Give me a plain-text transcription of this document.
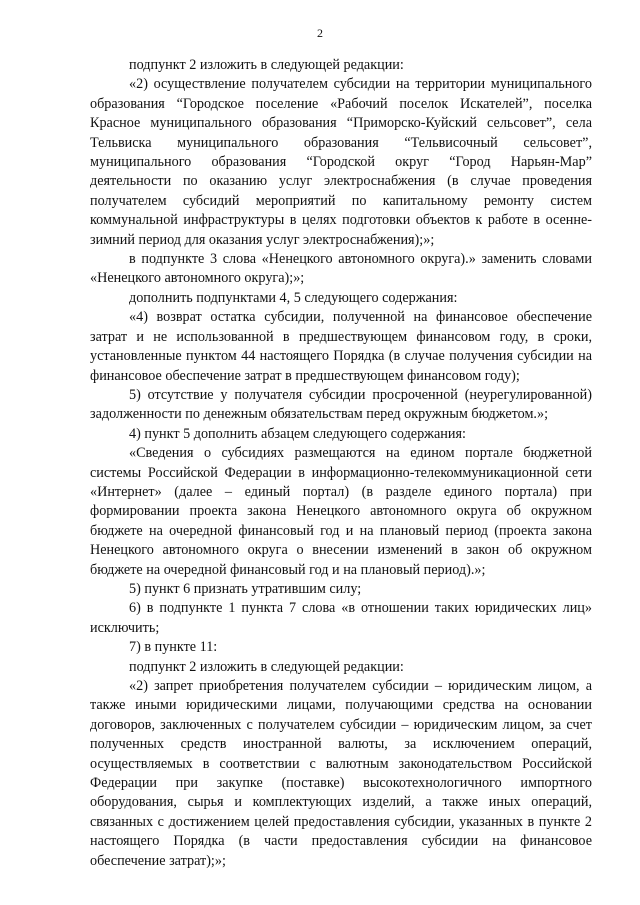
2

подпункт 2 изложить в следующей редакции:

«2) осуществление получателем субсидии на территории муниципального образования “Городское поселение «Рабочий поселок Искателей”, поселка Красное муниципального образования “Приморско-Куйский сельсовет”, села Тельвиска муниципального образования “Тельвисочный сельсовет”, муниципального образования “Городской округ “Город Нарьян-Мар” деятельности по оказанию услуг электроснабжения (в случае проведения получателем субсидий мероприятий по капитальному ремонту систем коммунальной инфраструктуры в целях подготовки объектов к работе в осенне-зимний период для оказания услуг электроснабжения);»;

в подпункте 3 слова «Ненецкого автономного округа).» заменить словами «Ненецкого автономного округа);»;

дополнить подпунктами 4, 5 следующего содержания:

«4) возврат остатка субсидии, полученной на финансовое обеспечение затрат и не использованной в предшествующем финансовом году, в сроки, установленные пунктом 44 настоящего Порядка (в случае получения субсидии на финансовое обеспечение затрат в предшествующем финансовом году);

5) отсутствие у получателя субсидии просроченной (неурегулированной) задолженности по денежным обязательствам перед окружным бюджетом.»;

4) пункт 5 дополнить абзацем следующего содержания:

«Сведения о субсидиях размещаются на едином портале бюджетной системы Российской Федерации в информационно-телекоммуникационной сети «Интернет» (далее – единый портал) (в разделе единого портала) при формировании проекта закона Ненецкого автономного округа об окружном бюджете на очередной финансовый год и на плановый период (проекта закона Ненецкого автономного округа о внесении изменений в закон об окружном бюджете на очередной финансовый год и на плановый период).»;

5) пункт 6 признать утратившим силу;

6) в подпункте 1 пункта 7 слова «в отношении таких юридических лиц» исключить;

7) в пункте 11:

подпункт 2 изложить в следующей редакции:

«2) запрет приобретения получателем субсидии – юридическим лицом, а также иными юридическими лицами, получающими средства на основании договоров, заключенных с получателем субсидии – юридическим лицом, за счет полученных средств иностранной валюты, за исключением операций, осуществляемых в соответствии с валютным законодательством Российской Федерации при закупке (поставке) высокотехнологичного импортного оборудования, сырья и комплектующих изделий, а также иных операций, связанных с достижением целей предоставления субсидии, указанных в пункте 2 настоящего Порядка (в части предоставления субсидии на финансовое обеспечение затрат);»;
